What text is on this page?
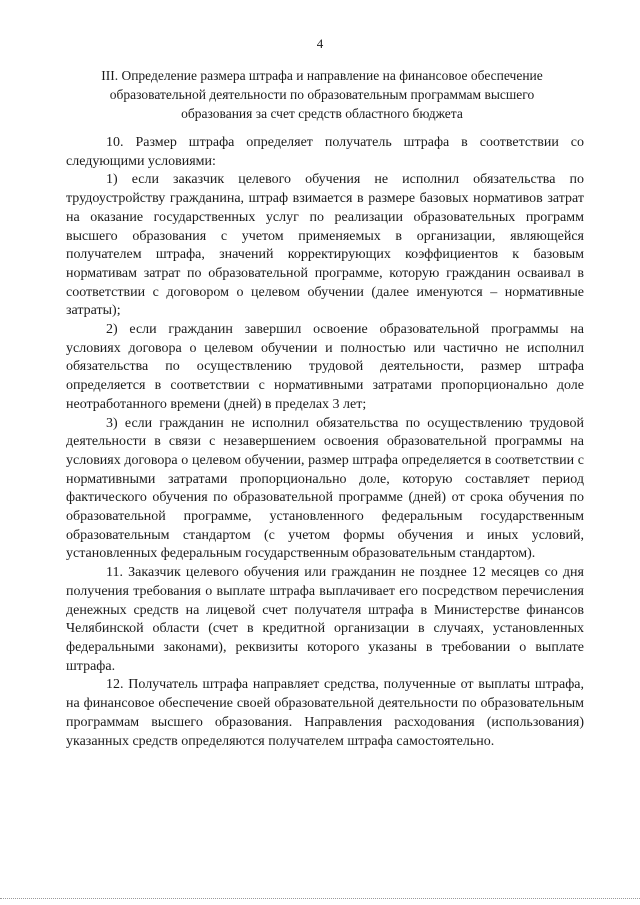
4
III. Определение размера штрафа и направление на финансовое обеспечение
образовательной деятельности по образовательным программам высшего
образования за счет средств областного бюджета

10. Размер штрафа определяет получатель штрафа в соответствии со следующими условиями:

1) если заказчик целевого обучения не исполнил обязательства по трудоустройству гражданина, штраф взимается в размере базовых нормативов затрат на оказание государственных услуг по реализации образовательных программ высшего образования с учетом применяемых в организации, являющейся получателем штрафа, значений корректирующих коэффициентов к базовым нормативам затрат по образовательной программе, которую гражданин осваивал в соответствии с договором о целевом обучении (далее именуются – нормативные затраты);

2) если гражданин завершил освоение образовательной программы на условиях договора о целевом обучении и полностью или частично не исполнил обязательства по осуществлению трудовой деятельности, размер штрафа определяется в соответствии с нормативными затратами пропорционально доле неотработанного времени (дней) в пределах 3 лет;

3) если гражданин не исполнил обязательства по осуществлению трудовой деятельности в связи с незавершением освоения образовательной программы на условиях договора о целевом обучении, размер штрафа определяется в соответствии с нормативными затратами пропорционально доле, которую составляет период фактического обучения по образовательной программе (дней) от срока обучения по образовательной программе, установленного федеральным государственным образовательным стандартом (с учетом формы обучения и иных условий, установленных федеральным государственным образовательным стандартом).

11. Заказчик целевого обучения или гражданин не позднее 12 месяцев со дня получения требования о выплате штрафа выплачивает его посредством перечисления денежных средств на лицевой счет получателя штрафа в Министерстве финансов Челябинской области (счет в кредитной организации в случаях, установленных федеральными законами), реквизиты которого указаны в требовании о выплате штрафа.

12. Получатель штрафа направляет средства, полученные от выплаты штрафа, на финансовое обеспечение своей образовательной деятельности по образовательным программам высшего образования. Направления расходования (использования) указанных средств определяются получателем штрафа самостоятельно.
